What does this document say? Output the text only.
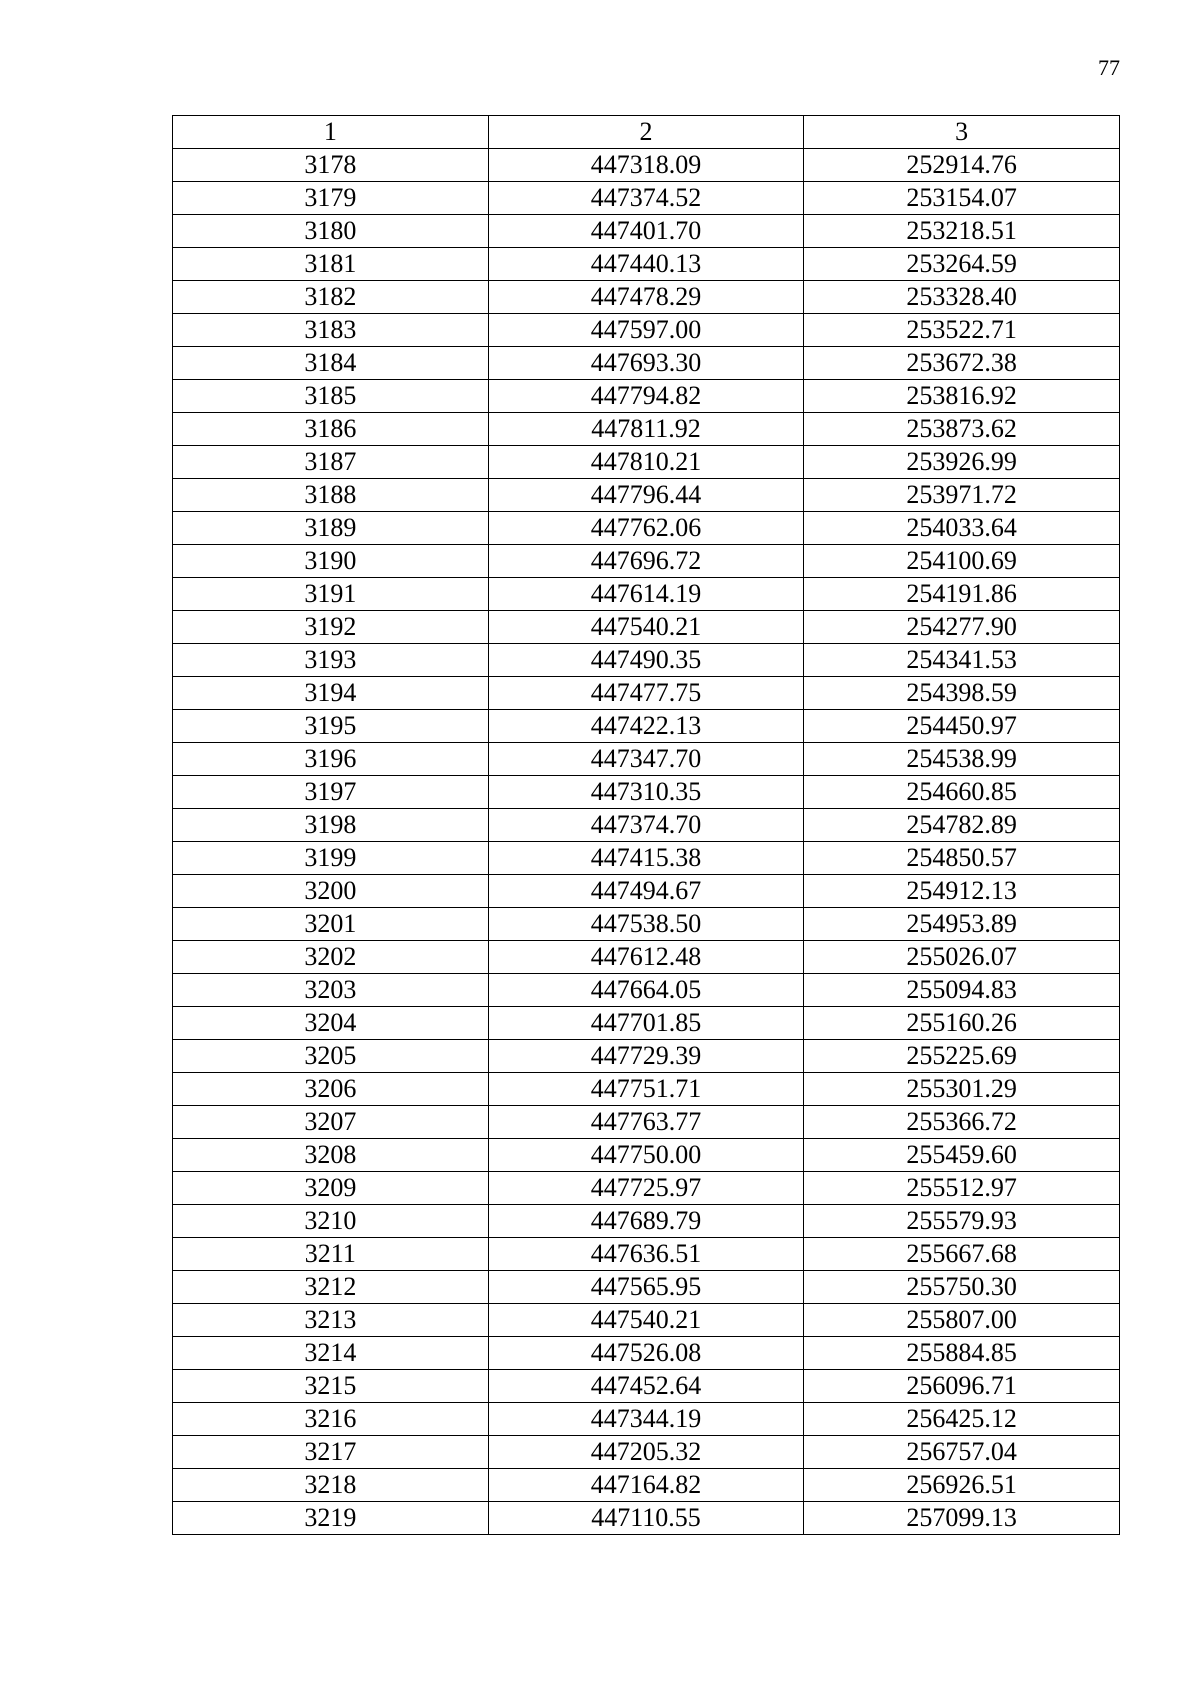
77
1	2	3
3178	447318.09	252914.76
3179	447374.52	253154.07
3180	447401.70	253218.51
3181	447440.13	253264.59
3182	447478.29	253328.40
3183	447597.00	253522.71
3184	447693.30	253672.38
3185	447794.82	253816.92
3186	447811.92	253873.62
3187	447810.21	253926.99
3188	447796.44	253971.72
3189	447762.06	254033.64
3190	447696.72	254100.69
3191	447614.19	254191.86
3192	447540.21	254277.90
3193	447490.35	254341.53
3194	447477.75	254398.59
3195	447422.13	254450.97
3196	447347.70	254538.99
3197	447310.35	254660.85
3198	447374.70	254782.89
3199	447415.38	254850.57
3200	447494.67	254912.13
3201	447538.50	254953.89
3202	447612.48	255026.07
3203	447664.05	255094.83
3204	447701.85	255160.26
3205	447729.39	255225.69
3206	447751.71	255301.29
3207	447763.77	255366.72
3208	447750.00	255459.60
3209	447725.97	255512.97
3210	447689.79	255579.93
3211	447636.51	255667.68
3212	447565.95	255750.30
3213	447540.21	255807.00
3214	447526.08	255884.85
3215	447452.64	256096.71
3216	447344.19	256425.12
3217	447205.32	256757.04
3218	447164.82	256926.51
3219	447110.55	257099.13
